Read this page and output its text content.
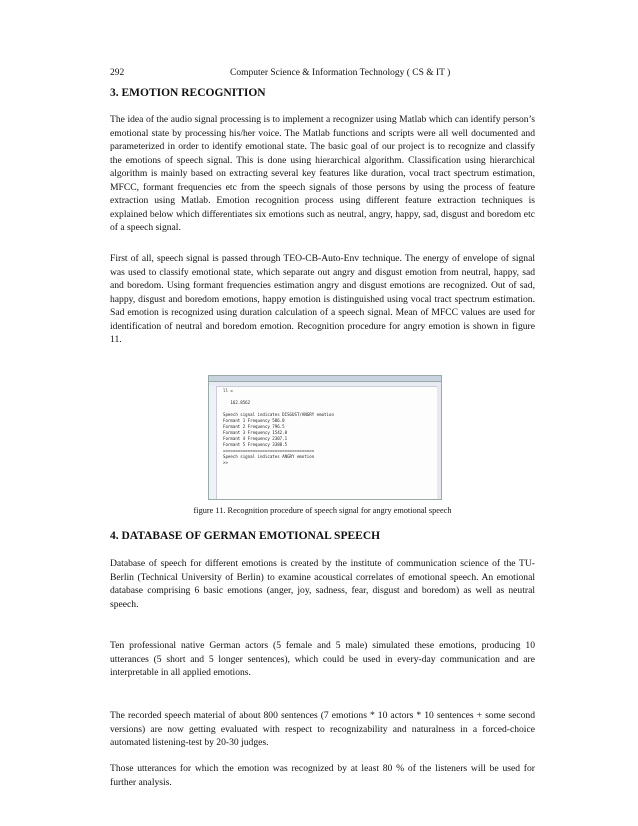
292	Computer Science & Information Technology ( CS & IT )
3. EMOTION RECOGNITION

The idea of the audio signal processing is to implement a recognizer using Matlab which can identify person’s emotional state by processing his/her voice. The Matlab functions and scripts were all well documented and parameterized in order to identify emotional state. The basic goal of our project is to recognize and classify the emotions of speech signal. This is done using hierarchical algorithm. Classification using hierarchical algorithm is mainly based on extracting several key features like duration, vocal tract spectrum estimation, MFCC, formant frequencies etc from the speech signals of those persons by using the process of feature extraction using Matlab. Emotion recognition process using different feature extraction techniques is explained below which differentiates six emotions such as neutral, angry, happy, sad, disgust and boredom etc of a speech signal.

First of all, speech signal is passed through TEO-CB-Auto-Env technique. The energy of envelope of signal was used to classify emotional state, which separate out angry and disgust emotion from neutral, happy, sad and boredom. Using formant frequencies estimation angry and disgust emotions are recognized. Out of sad, happy, disgust and boredom emotions, happy emotion is distinguished using vocal tract spectrum estimation. Sad emotion is recognized using duration calculation of a speech signal. Mean of MFCC values are used for identification of neutral and boredom emotion. Recognition procedure for angry emotion is shown in figure 11.

ll =

162.8562

Speech signal indicates DISGUST/ANGRY emotion
Formant 1 Frequency 586.0
Formant 2 Frequency 796.5
Formant 3 Frequency 1542.0
Formant 4 Frequency 2307.1
Formant 5 Frequency 3388.5
=====================================
Speech signal indicates ANGRY emotion
>>
figure 11. Recognition procedure of speech signal for angry emotional speech
4. DATABASE OF GERMAN EMOTIONAL SPEECH

Database of speech for different emotions is created by the institute of communication science of the TU-Berlin (Technical University of Berlin) to examine acoustical correlates of emotional speech. An emotional database comprising 6 basic emotions (anger, joy, sadness, fear, disgust and boredom) as well as neutral speech.

Ten professional native German actors (5 female and 5 male) simulated these emotions, producing 10 utterances (5 short and 5 longer sentences), which could be used in every-day communication and are interpretable in all applied emotions.

The recorded speech material of about 800 sentences (7 emotions * 10 actors * 10 sentences + some second versions) are now getting evaluated with respect to recognizability and naturalness in a forced-choice automated listening-test by 20-30 judges.

Those utterances for which the emotion was recognized by at least 80 % of the listeners will be used for further analysis.
